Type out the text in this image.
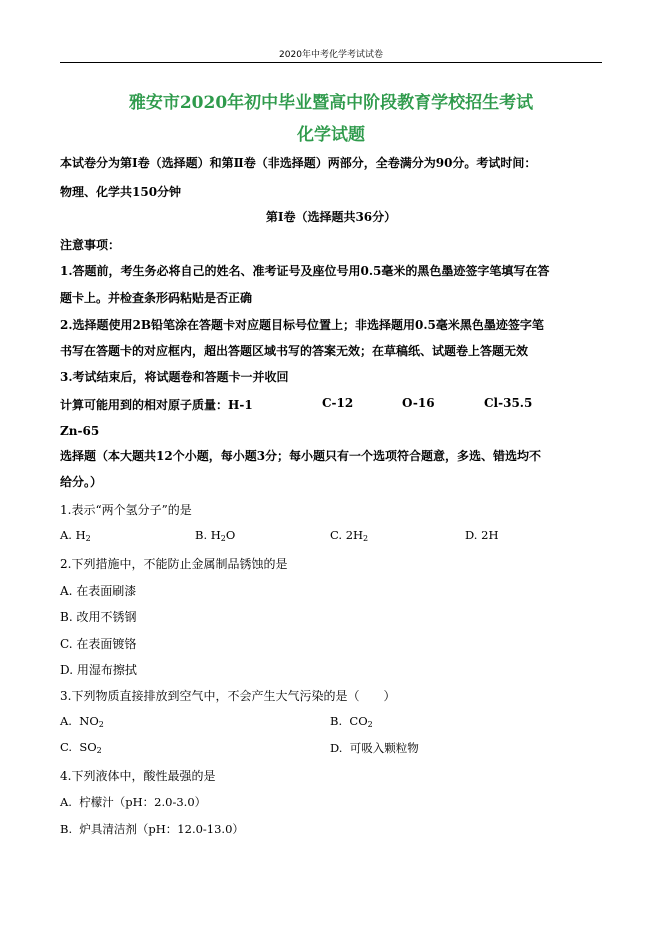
2020年中考化学考试试卷
雅安市2020年初中毕业暨高中阶段教育学校招生考试
化学试题
本试卷分为第Ⅰ卷（选择题）和第Ⅱ卷（非选择题）两部分，全卷满分为90分。考试时间：
物理、化学共150分钟
第Ⅰ卷（选择题共36分）
注意事项：
1.答题前，考生务必将自己的姓名、准考证号及座位号用0.5毫米的黑色墨迹签字笔填写在答
题卡上。并检查条形码粘贴是否正确
2.选择题使用2B铅笔涂在答题卡对应题目标号位置上；非选择题用0.5毫米黑色墨迹签字笔
书写在答题卡的对应框内，超出答题区域书写的答案无效；在草稿纸、试题卷上答题无效
3.考试结束后，将试题卷和答题卡一并收回
计算可能用到的相对原子质量：H-1	C-12	O-16	Cl-35.5
Zn-65
选择题（本大题共12个小题，每小题3分；每小题只有一个选项符合题意，多选、错选均不
给分。）
1.表示“两个氢分子”的是
A. $H_2$	B. $H_2O$	C. $2H_2$	D. 2H
2.下列措施中，不能防止金属制品锈蚀的是
A. 在表面刷漆
B. 改用不锈钢
C. 在表面镀铬
D. 用湿布擦拭
3.下列物质直接排放到空气中，不会产生大气污染的是（　　）
A. $NO_2$	B. $CO_2$
C. $SO_2$	D. 可吸入颗粒物
4.下列液体中，酸性最强的是
A. 柠檬汁（pH：2.0-3.0）
B. 炉具清洁剂（pH：12.0-13.0）
